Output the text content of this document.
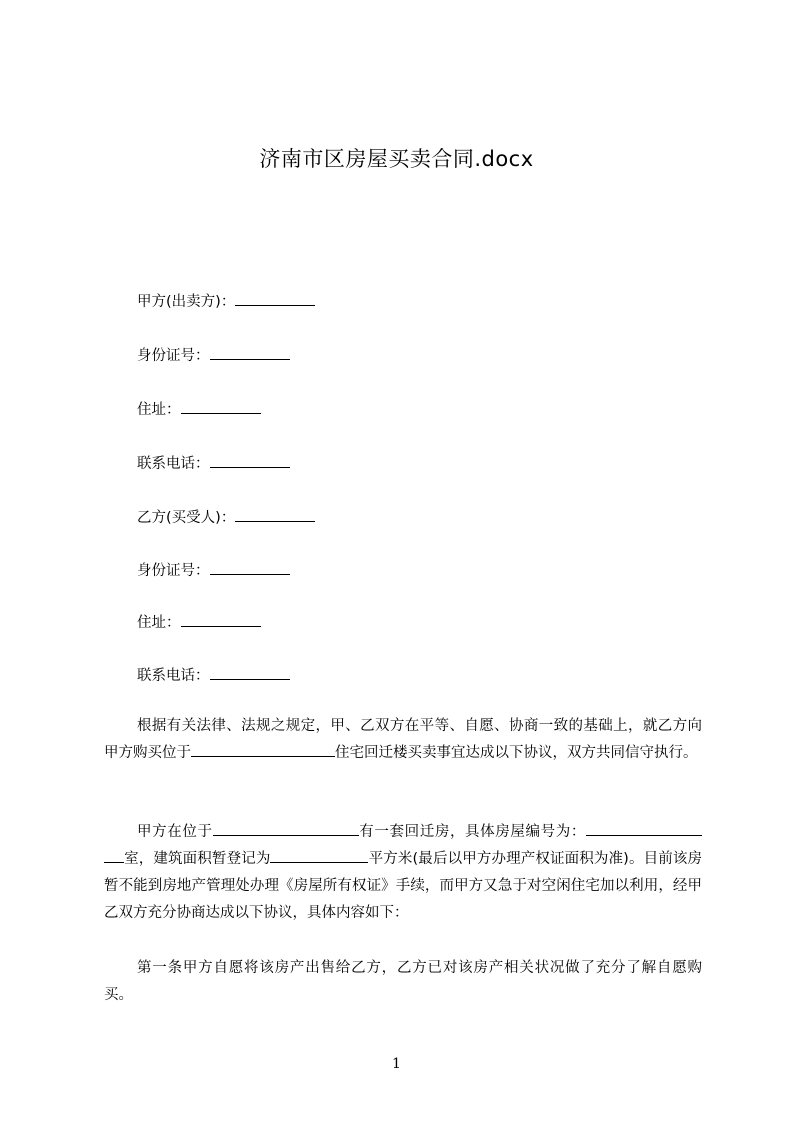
济南市区房屋买卖合同.docx
甲方(出卖方)：
身份证号：
住址：
联系电话：
乙方(买受人)：
身份证号：
住址：
联系电话：
根据有关法律、法规之规定，甲、乙双方在平等、自愿、协商一致的基础上，就乙方向甲方购买位于	住宅回迁楼买卖事宜达成以下协议，双方共同信守执行。
甲方在位于	有一套回迁房，具体房屋编号为：室，建筑面积暂登记为	平方米(最后以甲方办理产权证面积为准)。目前该房暂不能到房地产管理处办理《房屋所有权证》手续，而甲方又急于对空闲住宅加以利用，经甲乙双方充分协商达成以下协议，具体内容如下：
第一条甲方自愿将该房产出售给乙方，乙方已对该房产相关状况做了充分了解自愿购买。
1
